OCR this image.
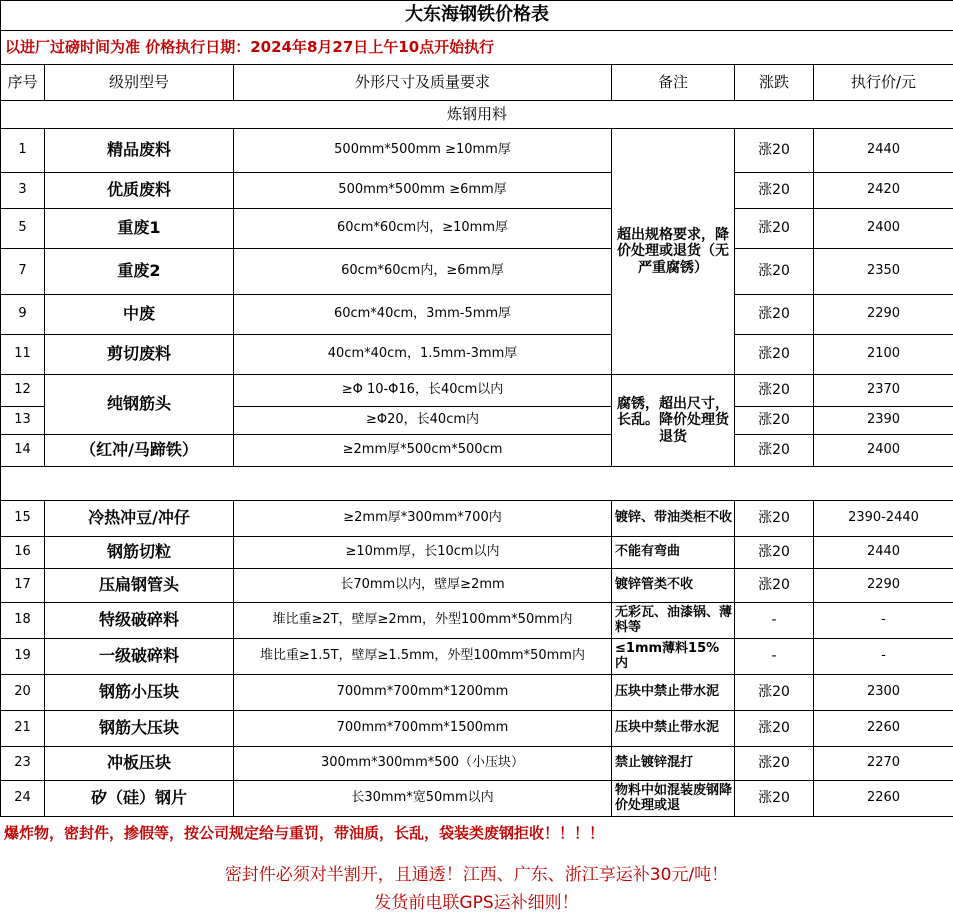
大东海钢铁价格表					
以进厂过磅时间为准 价格执行日期：2024年8月27日上午10点开始执行					
序号	级别型号	外形尺寸及质量要求	备注	涨跌	执行价/元
炼钢用料					
1	精品废料	500mm*500mm ≥10mm厚	超出规格要求，降价处理或退货（无严重腐锈）	涨20	2440
3	优质废料	500mm*500mm ≥6mm厚		涨20	2420
5	重废1	60cm*60cm内，≥10mm厚		涨20	2400
7	重废2	60cm*60cm内，≥6mm厚		涨20	2350
9	中废	60cm*40cm，3mm-5mm厚		涨20	2290
11	剪切废料	40cm*40cm，1.5mm-3mm厚		涨20	2100
12	纯钢筋头	≥Φ 10-Φ16，长40cm以内	腐锈，超出尺寸，长乱。降价处理货退货	涨20	2370
13		≥Φ20，长40cm内		涨20	2390
14	（红冲/马蹄铁）	≥2mm厚*500cm*500cm		涨20	2400

15	冷热冲豆/冲仔	≥2mm厚*300mm*700内	镀锌、带油类柜不收	涨20	2390-2440
16	钢筋切粒	≥10mm厚，长10cm以内	不能有弯曲	涨20	2440
17	压扁钢管头	长70mm以内，壁厚≥2mm	镀锌管类不收	涨20	2290
18	特级破碎料	堆比重≥2T，壁厚≥2mm，外型100mm*50mm内	无彩瓦、油漆锅、薄料等	-	-
19	一级破碎料	堆比重≥1.5T，壁厚≥1.5mm，外型100mm*50mm内	≤1mm薄料15%内	-	-
20	钢筋小压块	700mm*700mm*1200mm	压块中禁止带水泥	涨20	2300
21	钢筋大压块	700mm*700mm*1500mm	压块中禁止带水泥	涨20	2260
23	冲板压块	300mm*300mm*500（小压块）	禁止镀锌混打	涨20	2270
24	矽（硅）钢片	长30mm*宽50mm以内	物料中如混装废钢降价处理或退	涨20	2260
爆炸物，密封件，掺假等，按公司规定给与重罚，带油质，长乱，袋装类废钢拒收！！！！
密封件必须对半割开，且通透！江西、广东、浙江享运补30元/吨！
发货前电联GPS运补细则！
